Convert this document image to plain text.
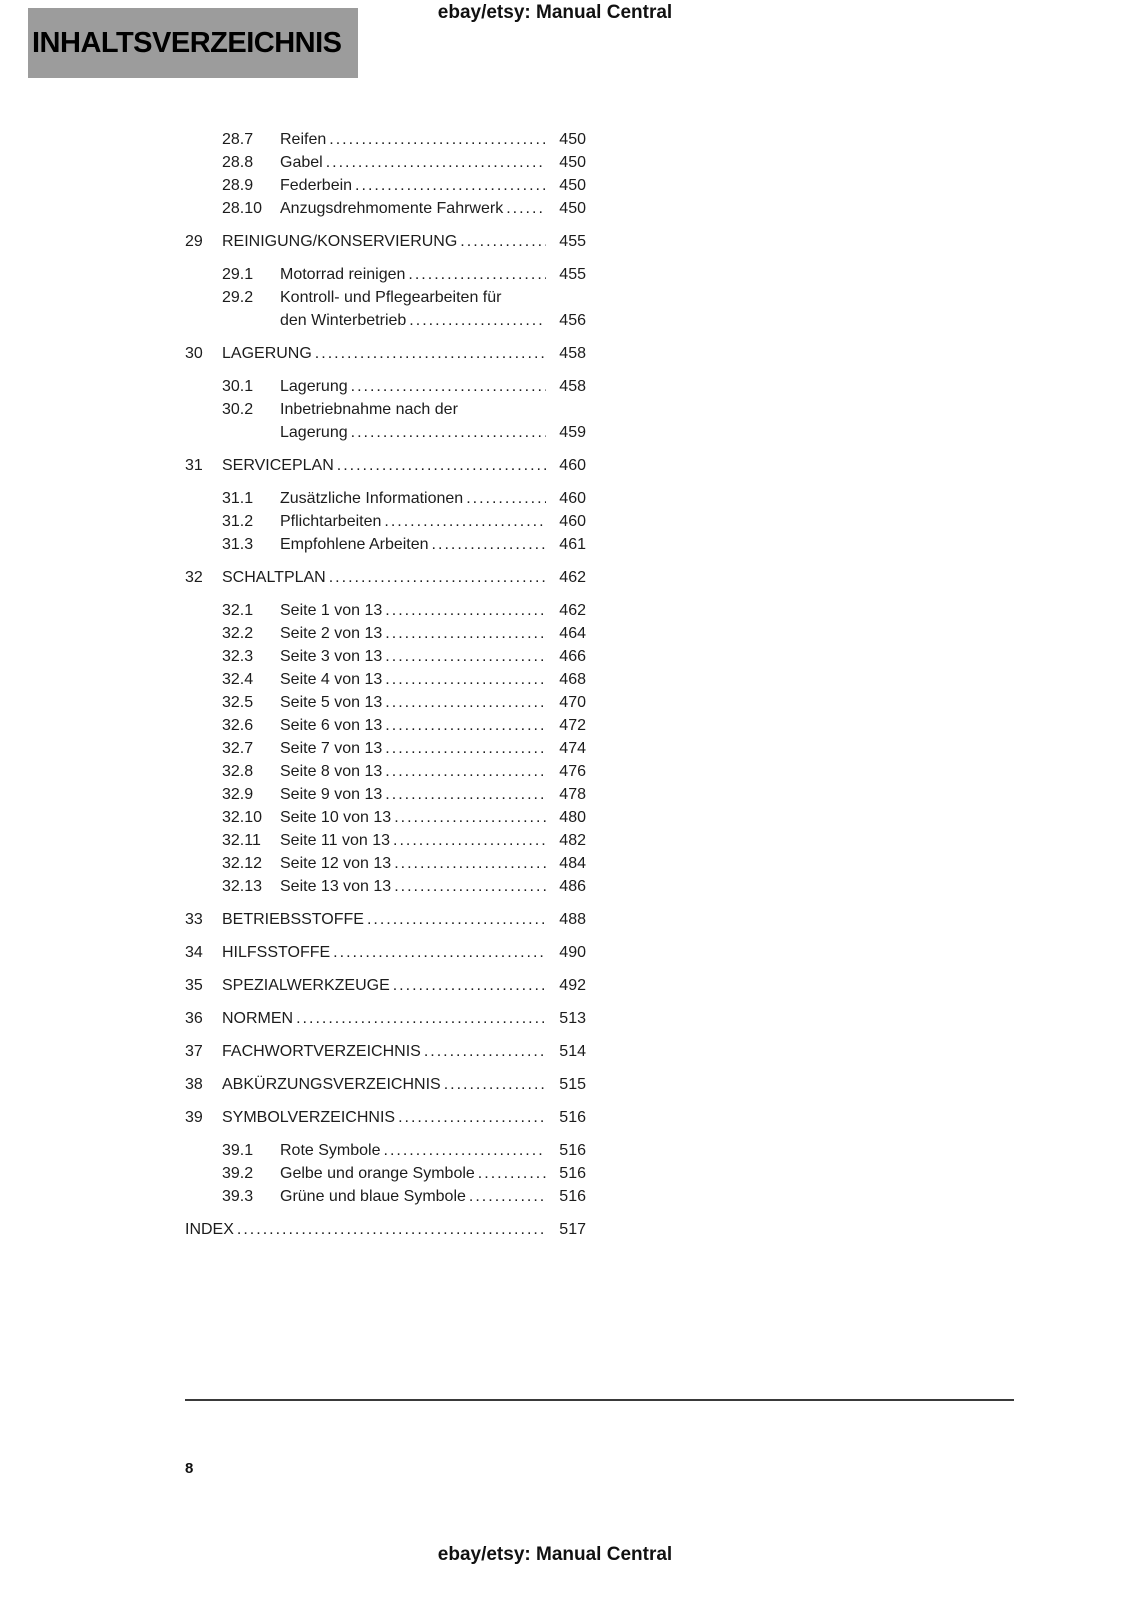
ebay/etsy: Manual Central
INHALTSVERZEICHNIS
28.7	Reifen .....	450
28.8	Gabel .....	450
28.9	Federbein .....	450
28.10	Anzugsdrehmomente Fahrwerk .....	450
29	REINIGUNG/KONSERVIERUNG .....	455
29.1	Motorrad reinigen .....	455
29.2	Kontroll- und Pflegearbeiten für
den Winterbetrieb .....	456
30	LAGERUNG .....	458
30.1	Lagerung .....	458
30.2	Inbetriebnahme nach der
Lagerung .....	459
31	SERVICEPLAN .....	460
31.1	Zusätzliche Informationen .....	460
31.2	Pflichtarbeiten .....	460
31.3	Empfohlene Arbeiten .....	461
32	SCHALTPLAN .....	462
32.1	Seite 1 von 13 .....	462
32.2	Seite 2 von 13 .....	464
32.3	Seite 3 von 13 .....	466
32.4	Seite 4 von 13 .....	468
32.5	Seite 5 von 13 .....	470
32.6	Seite 6 von 13 .....	472
32.7	Seite 7 von 13 .....	474
32.8	Seite 8 von 13 .....	476
32.9	Seite 9 von 13 .....	478
32.10	Seite 10 von 13 .....	480
32.11	Seite 11 von 13 .....	482
32.12	Seite 12 von 13 .....	484
32.13	Seite 13 von 13 .....	486
33	BETRIEBSSTOFFE .....	488
34	HILFSSTOFFE .....	490
35	SPEZIALWERKZEUGE .....	492
36	NORMEN .....	513
37	FACHWORTVERZEICHNIS .....	514
38	ABKÜRZUNGSVERZEICHNIS .....	515
39	SYMBOLVERZEICHNIS .....	516
39.1	Rote Symbole .....	516
39.2	Gelbe und orange Symbole .....	516
39.3	Grüne und blaue Symbole .....	516
INDEX .....	517
8
ebay/etsy: Manual Central
